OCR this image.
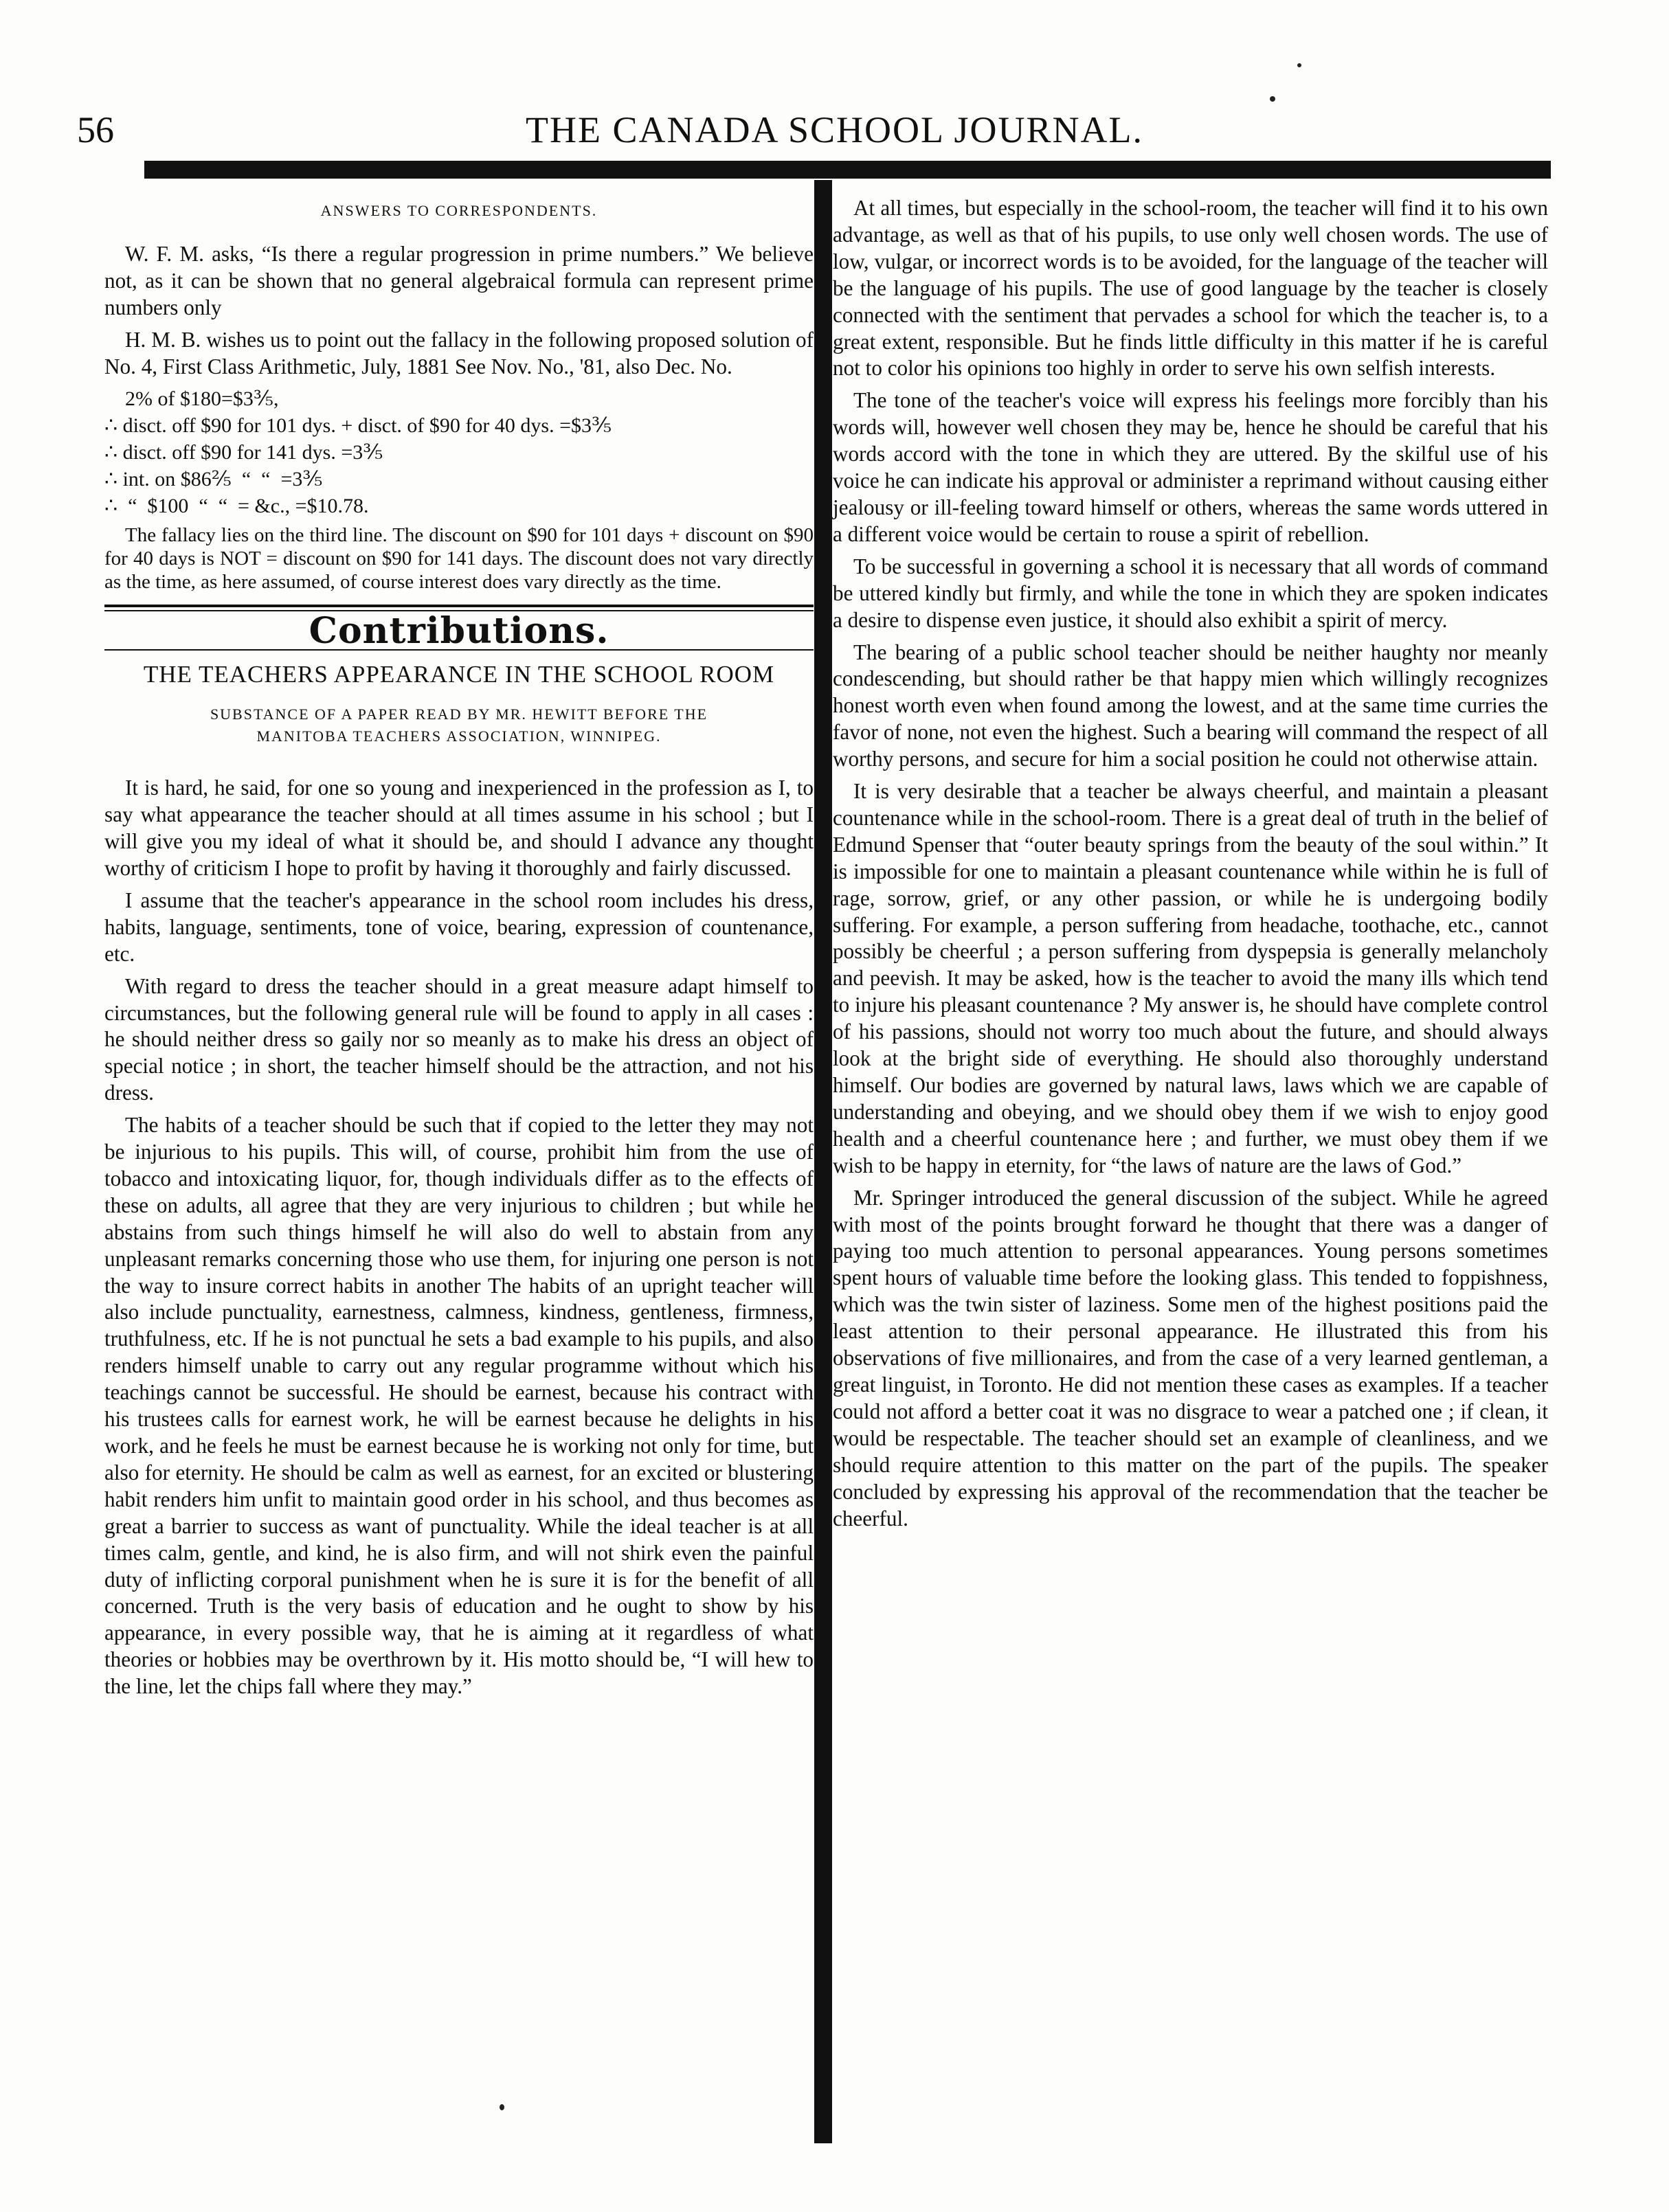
56	THE CANADA SCHOOL JOURNAL.
ANSWERS TO CORRESPONDENTS.

W. F. M. asks, “Is there a regular progression in prime numbers.” We believe not, as it can be shown that no general algebraical formula can represent prime numbers only

H. M. B. wishes us to point out the fallacy in the following proposed solution of No. 4, First Class Arithmetic, July, 1881 See Nov. No., '81, also Dec. No.

2% of $180=$3⅗,
∴ disct. off $90 for 101 dys. + disct. of $90 for 40 dys. =$3⅗
∴ disct. off $90 for 141 dys. =3⅗
∴ int. on $86⅖  “  “  =3⅗
∴  “  $100  “  “  = &c., =$10.78.
The fallacy lies on the third line. The discount on $90 for 101 days + discount on $90 for 40 days is NOT = discount on $90 for 141 days. The discount does not vary directly as the time, as here assumed, of course interest does vary directly as the time.
Contributions.
THE TEACHERS APPEARANCE IN THE SCHOOL ROOM
SUBSTANCE OF A PAPER READ BY MR. HEWITT BEFORE THE
MANITOBA TEACHERS ASSOCIATION, WINNIPEG.

It is hard, he said, for one so young and inexperienced in the profession as I, to say what appearance the teacher should at all times assume in his school ; but I will give you my ideal of what it should be, and should I advance any thought worthy of criticism I hope to profit by having it thoroughly and fairly discussed.

I assume that the teacher's appearance in the school room includes his dress, habits, language, sentiments, tone of voice, bearing, expression of countenance, etc.

With regard to dress the teacher should in a great measure adapt himself to circumstances, but the following general rule will be found to apply in all cases : he should neither dress so gaily nor so meanly as to make his dress an object of special notice ; in short, the teacher himself should be the attraction, and not his dress.

The habits of a teacher should be such that if copied to the letter they may not be injurious to his pupils. This will, of course, prohibit him from the use of tobacco and intoxicating liquor, for, though individuals differ as to the effects of these on adults, all agree that they are very injurious to children ; but while he abstains from such things himself he will also do well to abstain from any unpleasant remarks concerning those who use them, for injuring one person is not the way to insure correct habits in another The habits of an upright teacher will also include punctuality, earnestness, calmness, kindness, gentleness, firmness, truthfulness, etc. If he is not punctual he sets a bad example to his pupils, and also renders himself unable to carry out any regular programme without which his teachings cannot be successful. He should be earnest, because his contract with his trustees calls for earnest work, he will be earnest because he delights in his work, and he feels he must be earnest because he is working not only for time, but also for eternity. He should be calm as well as earnest, for an excited or blustering habit renders him unfit to maintain good order in his school, and thus becomes as great a barrier to success as want of punctuality. While the ideal teacher is at all times calm, gentle, and kind, he is also firm, and will not shirk even the painful duty of inflicting corporal punishment when he is sure it is for the benefit of all concerned. Truth is the very basis of education and he ought to show by his appearance, in every possible way, that he is aiming at it regardless of what theories or hobbies may be overthrown by it. His motto should be, “I will hew to the line, let the chips fall where they may.”

At all times, but especially in the school-room, the teacher will find it to his own advantage, as well as that of his pupils, to use only well chosen words. The use of low, vulgar, or incorrect words is to be avoided, for the language of the teacher will be the language of his pupils. The use of good language by the teacher is closely connected with the sentiment that pervades a school for which the teacher is, to a great extent, responsible. But he finds little difficulty in this matter if he is careful not to color his opinions too highly in order to serve his own selfish interests.

The tone of the teacher's voice will express his feelings more forcibly than his words will, however well chosen they may be, hence he should be careful that his words accord with the tone in which they are uttered. By the skilful use of his voice he can indicate his approval or administer a reprimand without causing either jealousy or ill-feeling toward himself or others, whereas the same words uttered in a different voice would be certain to rouse a spirit of rebellion.

To be successful in governing a school it is necessary that all words of command be uttered kindly but firmly, and while the tone in which they are spoken indicates a desire to dispense even justice, it should also exhibit a spirit of mercy.

The bearing of a public school teacher should be neither haughty nor meanly condescending, but should rather be that happy mien which willingly recognizes honest worth even when found among the lowest, and at the same time curries the favor of none, not even the highest. Such a bearing will command the respect of all worthy persons, and secure for him a social position he could not otherwise attain.

It is very desirable that a teacher be always cheerful, and maintain a pleasant countenance while in the school-room. There is a great deal of truth in the belief of Edmund Spenser that “outer beauty springs from the beauty of the soul within.” It is impossible for one to maintain a pleasant countenance while within he is full of rage, sorrow, grief, or any other passion, or while he is undergoing bodily suffering. For example, a person suffering from headache, toothache, etc., cannot possibly be cheerful ; a person suffering from dyspepsia is generally melancholy and peevish. It may be asked, how is the teacher to avoid the many ills which tend to injure his pleasant countenance ? My answer is, he should have complete control of his passions, should not worry too much about the future, and should always look at the bright side of everything. He should also thoroughly understand himself. Our bodies are governed by natural laws, laws which we are capable of understanding and obeying, and we should obey them if we wish to enjoy good health and a cheerful countenance here ; and further, we must obey them if we wish to be happy in eternity, for “the laws of nature are the laws of God.”

Mr. Springer introduced the general discussion of the subject. While he agreed with most of the points brought forward he thought that there was a danger of paying too much attention to personal appearances. Young persons sometimes spent hours of valuable time before the looking glass. This tended to foppishness, which was the twin sister of laziness. Some men of the highest positions paid the least attention to their personal appearance. He illustrated this from his observations of five millionaires, and from the case of a very learned gentleman, a great linguist, in Toronto. He did not mention these cases as examples. If a teacher could not afford a better coat it was no disgrace to wear a patched one ; if clean, it would be respectable. The teacher should set an example of cleanliness, and we should require attention to this matter on the part of the pupils. The speaker concluded by expressing his approval of the recommendation that the teacher be cheerful.
